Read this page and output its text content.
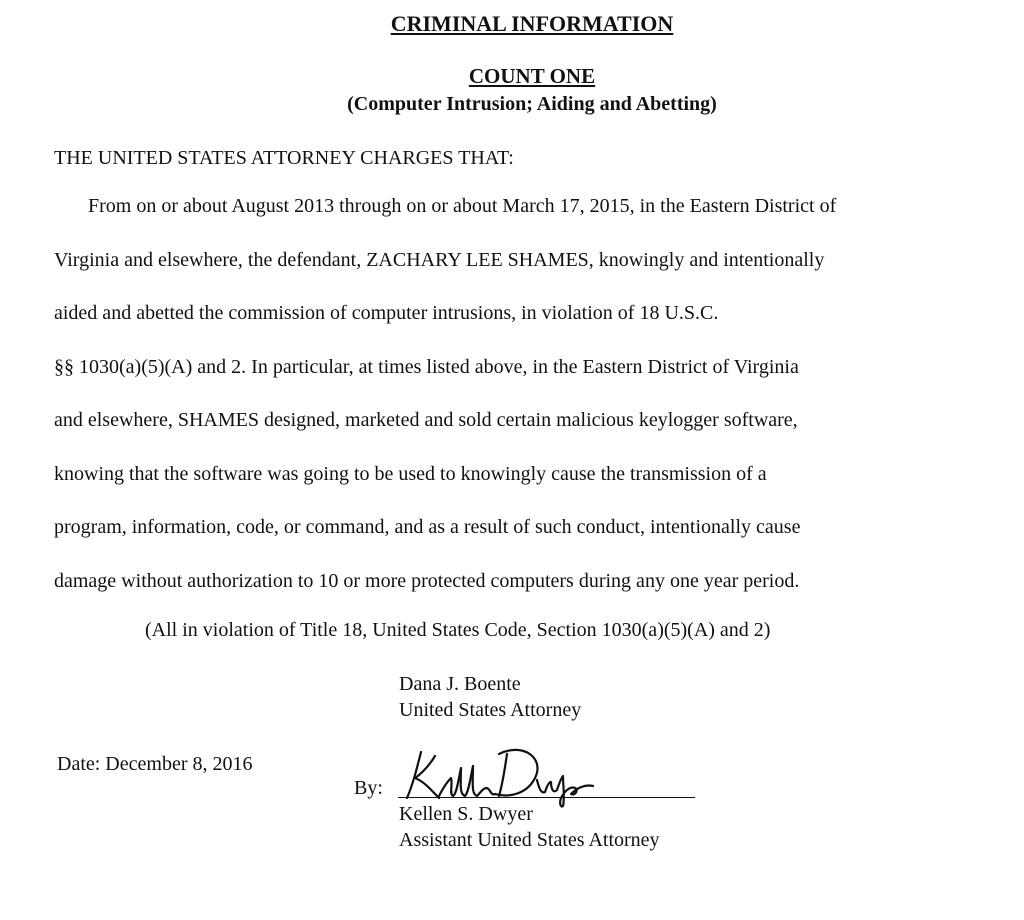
CRIMINAL INFORMATION
COUNT ONE
(Computer Intrusion; Aiding and Abetting)
THE UNITED STATES ATTORNEY CHARGES THAT:
From on or about August 2013 through on or about March 17, 2015, in the Eastern District of
Virginia and elsewhere, the defendant, ZACHARY LEE SHAMES, knowingly and intentionally
aided and abetted the commission of computer intrusions, in violation of 18 U.S.C.
§§ 1030(a)(5)(A) and 2. In particular, at times listed above, in the Eastern District of Virginia
and elsewhere, SHAMES designed, marketed and sold certain malicious keylogger software,
knowing that the software was going to be used to knowingly cause the transmission of a
program, information, code, or command, and as a result of such conduct, intentionally cause
damage without authorization to 10 or more protected computers during any one year period.
(All in violation of Title 18, United States Code, Section 1030(a)(5)(A) and 2)
Dana J. Boente
United States Attorney
Date: December 8, 2016
By:
Kellen S. Dwyer
Assistant United States Attorney
